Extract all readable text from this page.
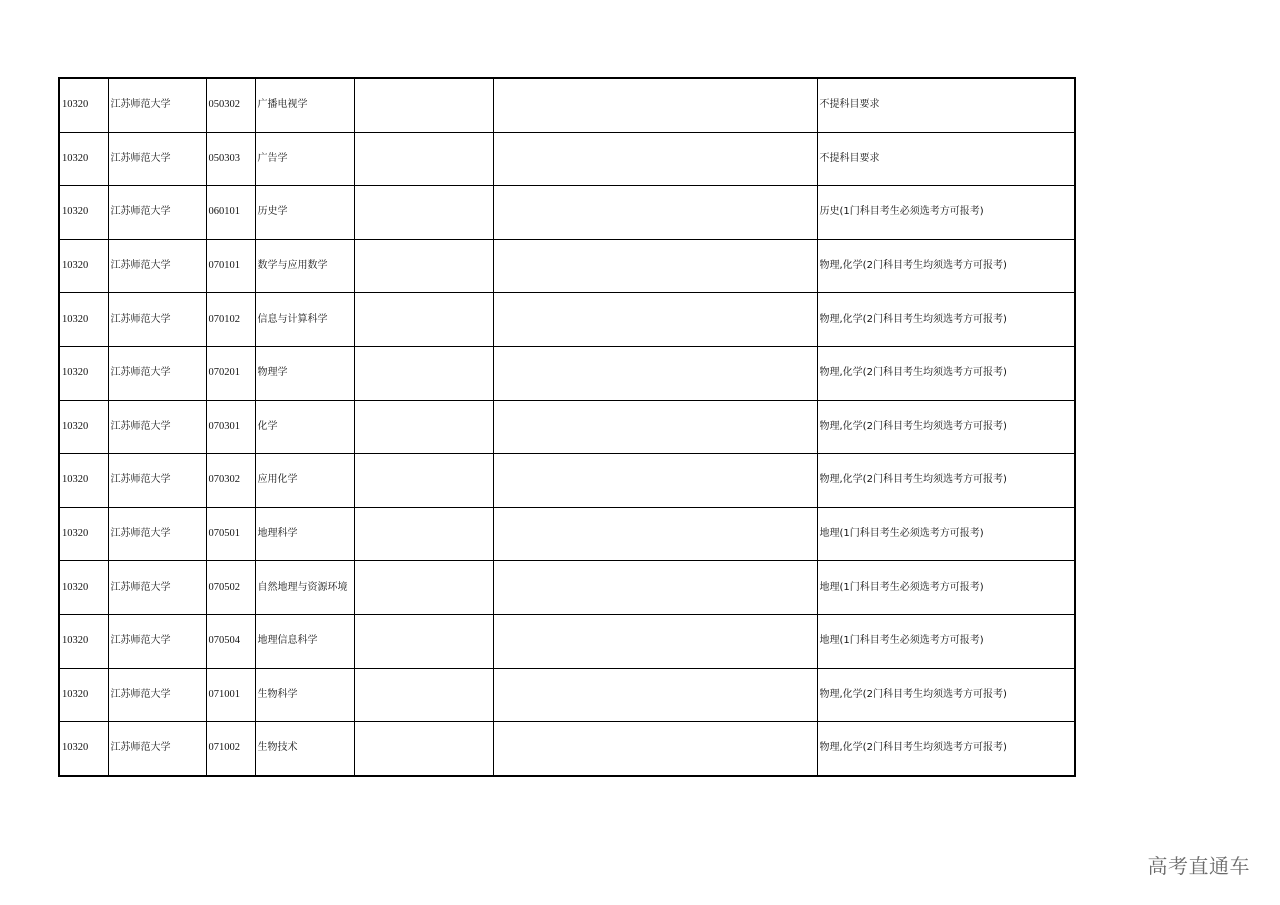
10320	江苏师范大学	050302	广播电视学			不提科目要求
10320	江苏师范大学	050303	广告学			不提科目要求
10320	江苏师范大学	060101	历史学			历史(1门科目考生必须选考方可报考)
10320	江苏师范大学	070101	数学与应用数学			物理,化学(2门科目考生均须选考方可报考)
10320	江苏师范大学	070102	信息与计算科学			物理,化学(2门科目考生均须选考方可报考)
10320	江苏师范大学	070201	物理学			物理,化学(2门科目考生均须选考方可报考)
10320	江苏师范大学	070301	化学			物理,化学(2门科目考生均须选考方可报考)
10320	江苏师范大学	070302	应用化学			物理,化学(2门科目考生均须选考方可报考)
10320	江苏师范大学	070501	地理科学			地理(1门科目考生必须选考方可报考)
10320	江苏师范大学	070502	自然地理与资源环境			地理(1门科目考生必须选考方可报考)
10320	江苏师范大学	070504	地理信息科学			地理(1门科目考生必须选考方可报考)
10320	江苏师范大学	071001	生物科学			物理,化学(2门科目考生均须选考方可报考)
10320	江苏师范大学	071002	生物技术			物理,化学(2门科目考生均须选考方可报考)
高考直通车
